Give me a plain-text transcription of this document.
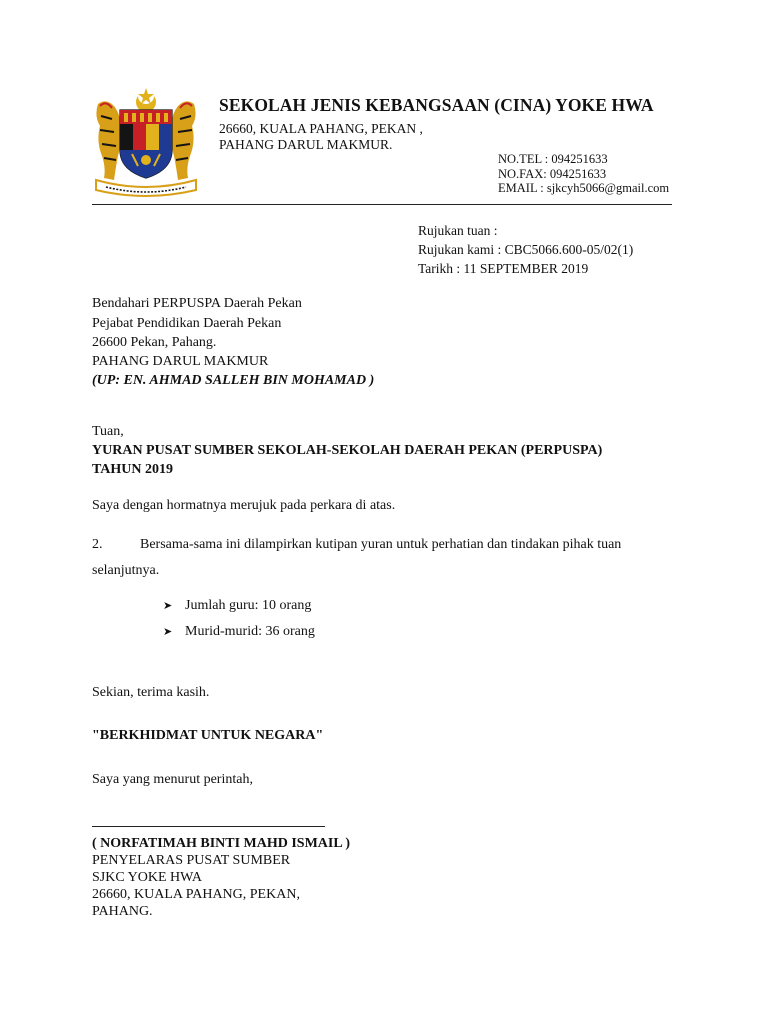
SEKOLAH JENIS KEBANGSAAN (CINA) YOKE HWA
26660, KUALA PAHANG, PEKAN ,
PAHANG DARUL MAKMUR.
NO.TEL : 094251633
NO.FAX: 094251633
EMAIL : sjkcyh5066@gmail.com
Rujukan tuan :
Rujukan kami : CBC5066.600-05/02(1)
Tarikh : 11 SEPTEMBER 2019
Bendahari PERPUSPA Daerah Pekan
Pejabat Pendidikan Daerah Pekan
26600 Pekan, Pahang.
PAHANG DARUL MAKMUR
(UP: EN. AHMAD SALLEH BIN MOHAMAD )
Tuan,
YURAN PUSAT SUMBER SEKOLAH-SEKOLAH DAERAH PEKAN (PERPUSPA)
TAHUN 2019
Saya dengan hormatnya merujuk pada perkara di atas.
2.	Bersama-sama ini dilampirkan kutipan yuran untuk perhatian dan tindakan pihak tuan
selanjutnya.
➤ Jumlah guru: 10 orang
➤ Murid-murid: 36 orang
Sekian, terima kasih.
"BERKHIDMAT UNTUK NEGARA"
Saya yang menurut perintah,
( NORFATIMAH BINTI MAHD ISMAIL )
PENYELARAS PUSAT SUMBER
SJKC YOKE HWA
26660, KUALA PAHANG, PEKAN,
PAHANG.
